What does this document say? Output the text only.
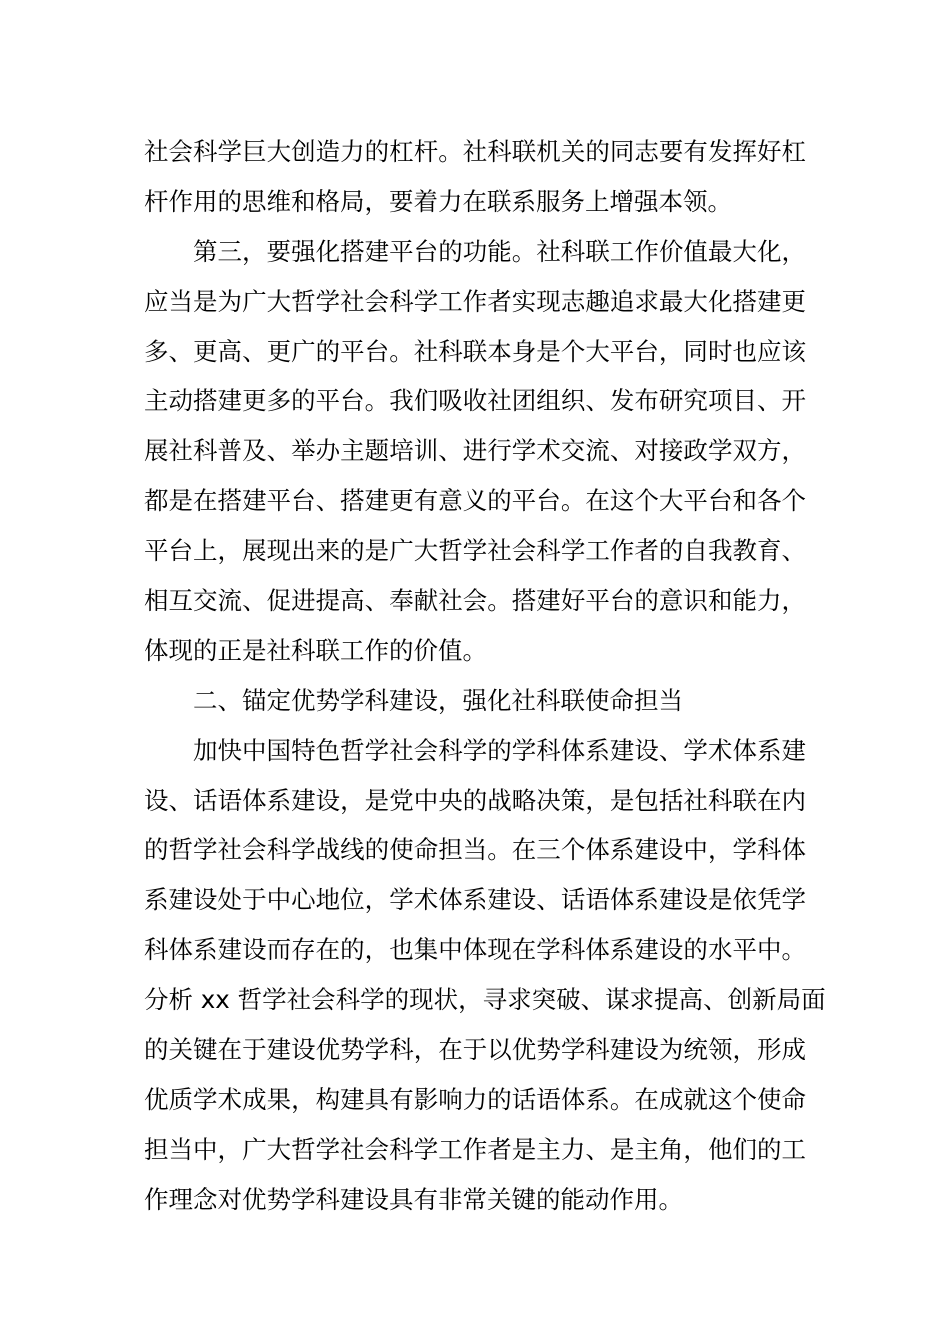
社会科学巨大创造力的杠杆。社科联机关的同志要有发挥好杠
杆作用的思维和格局，要着力在联系服务上增强本领。
第三，要强化搭建平台的功能。社科联工作价值最大化，
应当是为广大哲学社会科学工作者实现志趣追求最大化搭建更
多、更高、更广的平台。社科联本身是个大平台，同时也应该
主动搭建更多的平台。我们吸收社团组织、发布研究项目、开
展社科普及、举办主题培训、进行学术交流、对接政学双方，
都是在搭建平台、搭建更有意义的平台。在这个大平台和各个
平台上，展现出来的是广大哲学社会科学工作者的自我教育、
相互交流、促进提高、奉献社会。搭建好平台的意识和能力，
体现的正是社科联工作的价值。
二、锚定优势学科建设，强化社科联使命担当
加快中国特色哲学社会科学的学科体系建设、学术体系建
设、话语体系建设，是党中央的战略决策，是包括社科联在内
的哲学社会科学战线的使命担当。在三个体系建设中，学科体
系建设处于中心地位，学术体系建设、话语体系建设是依凭学
科体系建设而存在的，也集中体现在学科体系建设的水平中。
分析 xx 哲学社会科学的现状，寻求突破、谋求提高、创新局面
的关键在于建设优势学科，在于以优势学科建设为统领，形成
优质学术成果，构建具有影响力的话语体系。在成就这个使命
担当中，广大哲学社会科学工作者是主力、是主角，他们的工
作理念对优势学科建设具有非常关键的能动作用。
